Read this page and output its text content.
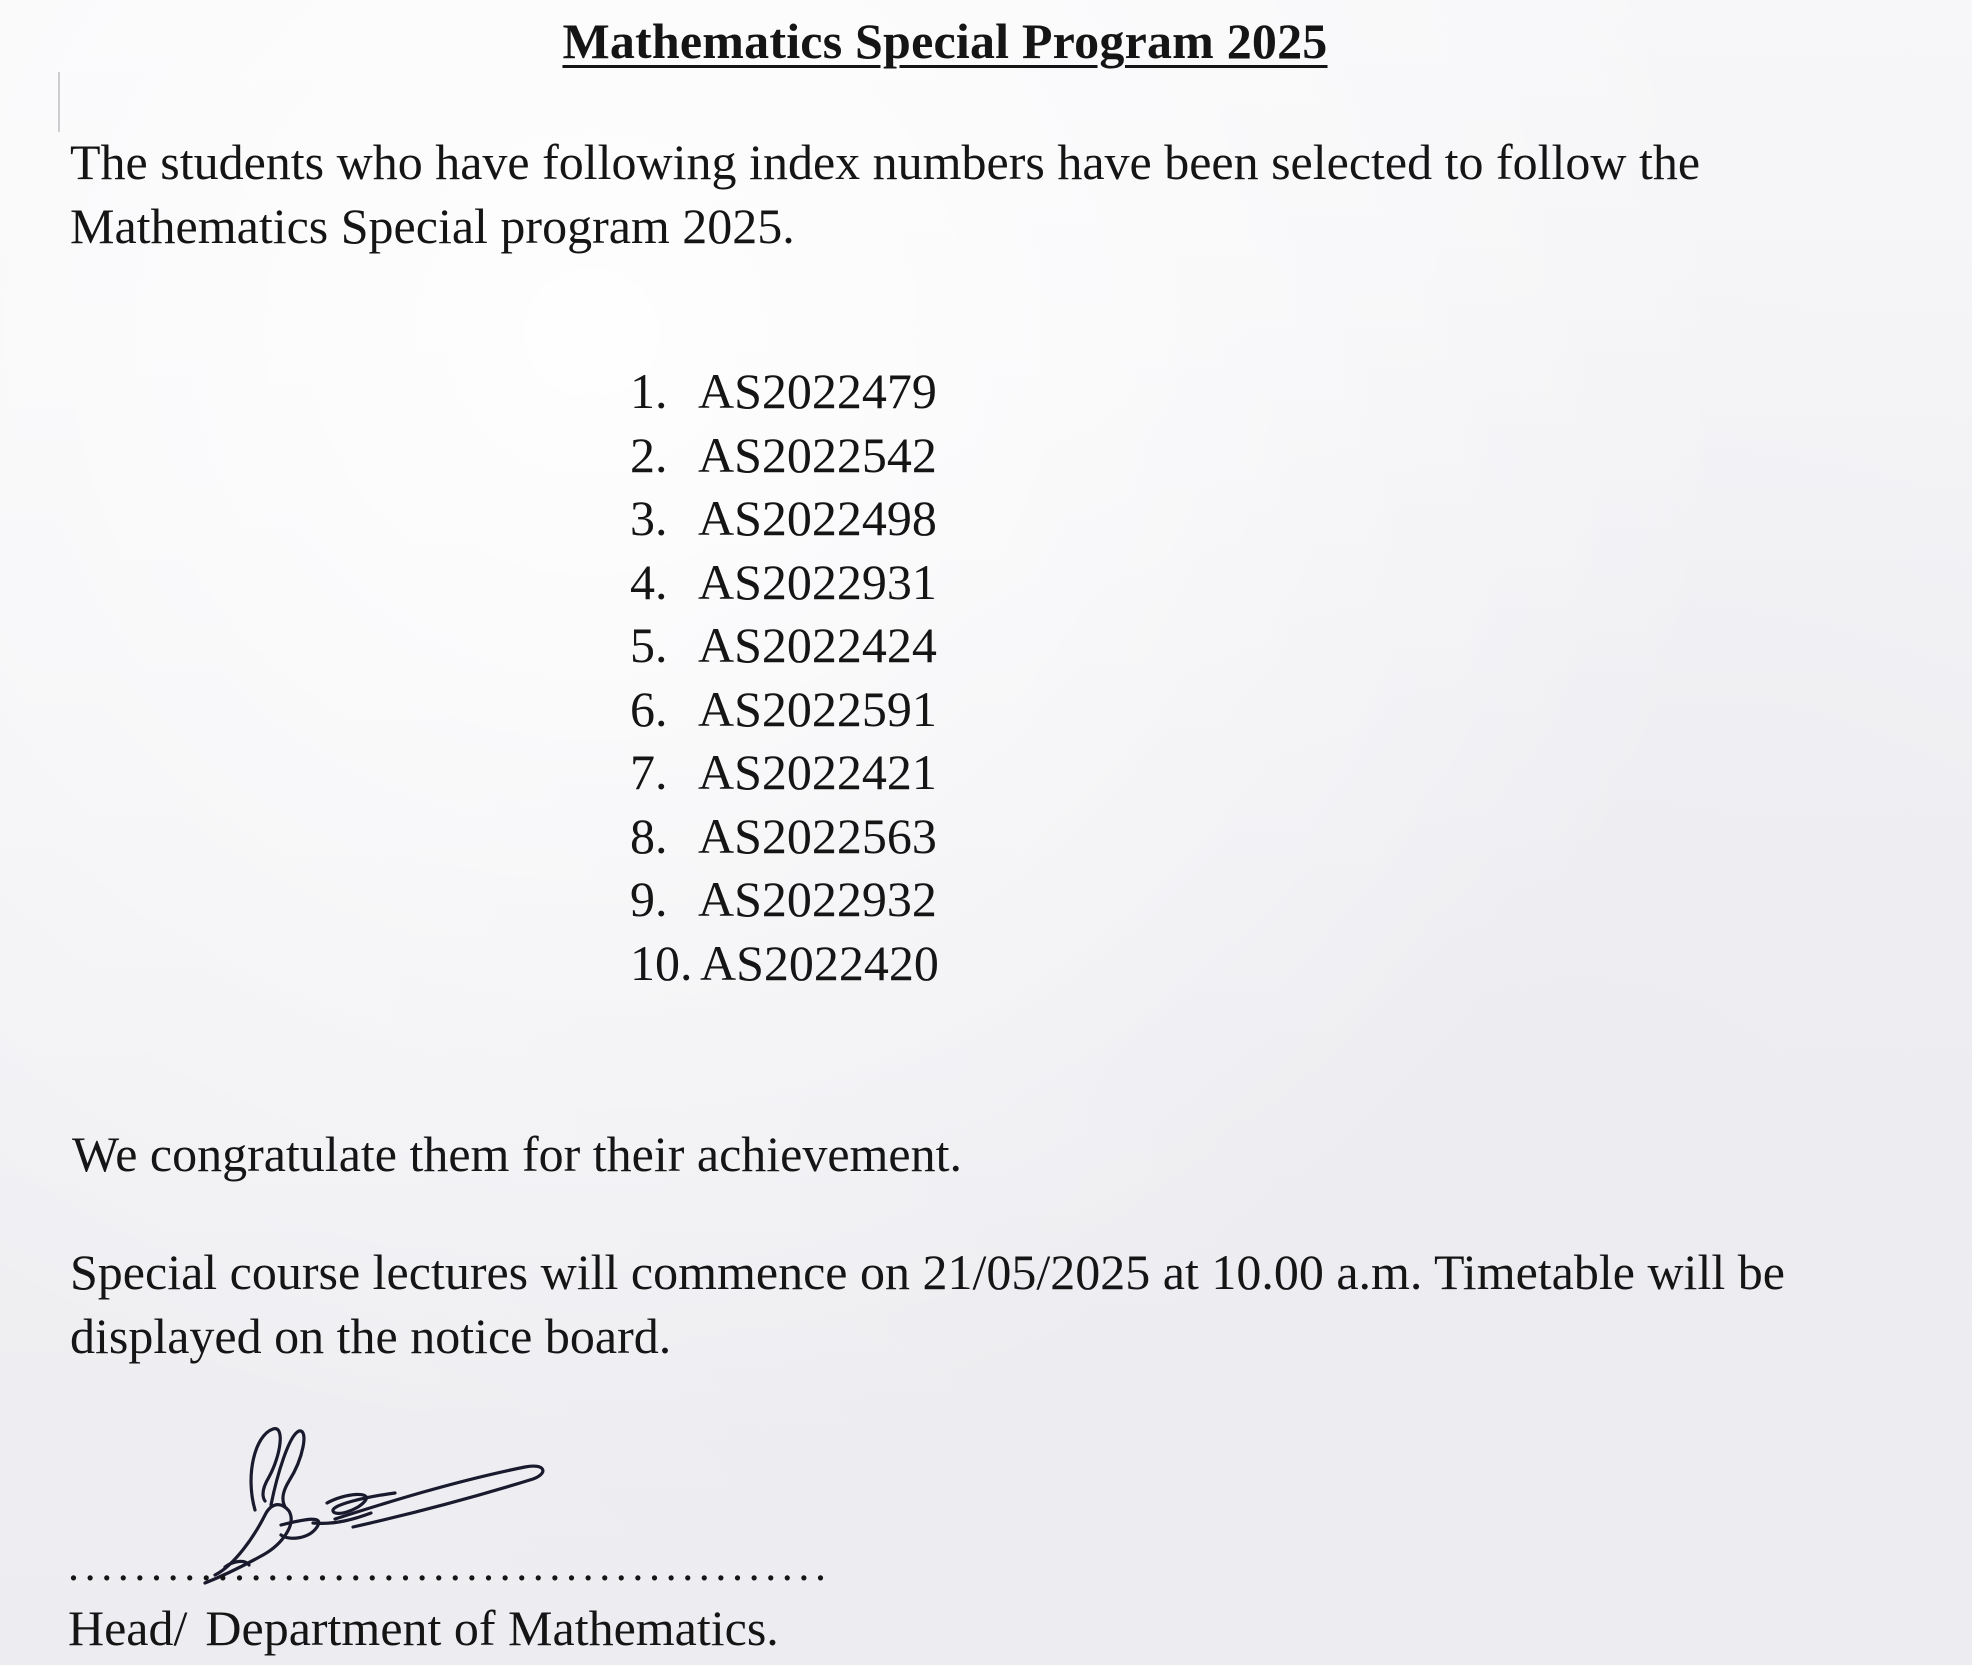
Mathematics Special Program 2025
The students who have following index numbers have been selected to follow the Mathematics Special program 2025.
1. AS2022479
2. AS2022542
3. AS2022498
4. AS2022931
5. AS2022424
6. AS2022591
7. AS2022421
8. AS2022563
9. AS2022932
10. AS2022420
We congratulate them for their achievement.
Special course lectures will commence on 21/05/2025 at 10.00 a.m. Timetable will be displayed on the notice board.
..............................................
Head/ Department of Mathematics.
